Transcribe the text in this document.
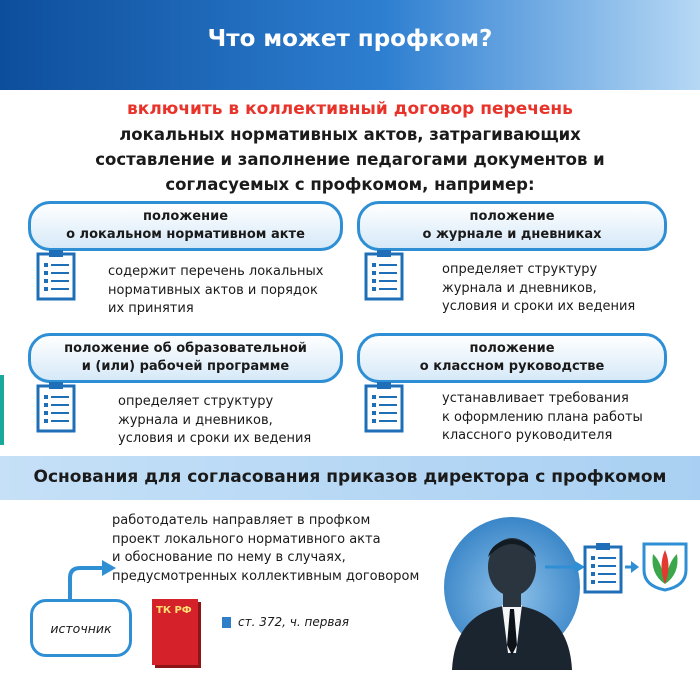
Что может профком?
включить в коллективный договор перечень
локальных нормативных актов, затрагивающих
составление и заполнение педагогами документов и
согласуемых с профкомом, например:
положение
о локальном нормативном акте
содержит перечень локальных
нормативных актов и порядок
их принятия
положение
о журнале и дневниках
определяет структуру
журнала и дневников,
условия и сроки их ведения
положение об образовательной
и (или) рабочей программе
определяет структуру
журнала и дневников,
условия и сроки их ведения
положение
о классном руководстве
устанавливает требования
к оформлению плана работы
классного руководителя
Основания для согласования приказов директора с профкомом
работодатель направляет в профком
проект локального нормативного акта
и обоснование по нему в случаях,
предусмотренных коллективным договором
источник
ТК РФ
ст. 372, ч. первая
